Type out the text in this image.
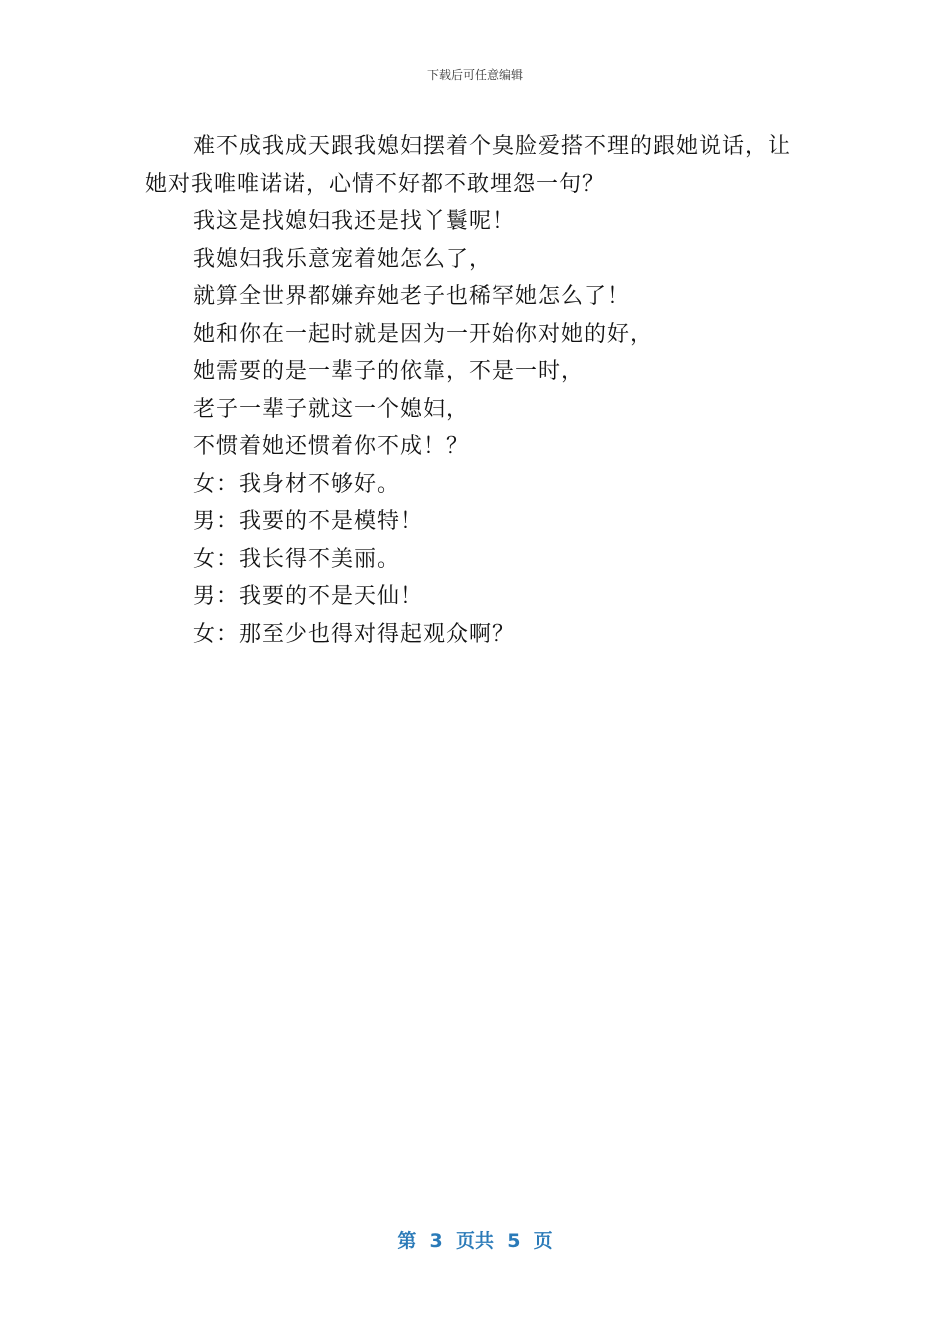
下载后可任意编辑

难不成我成天跟我媳妇摆着个臭脸爱搭不理的跟她说话，让她对我唯唯诺诺，心情不好都不敢埋怨一句？

我这是找媳妇我还是找丫鬟呢！

我媳妇我乐意宠着她怎么了，

就算全世界都嫌弃她老子也稀罕她怎么了！

她和你在一起时就是因为一开始你对她的好，

她需要的是一辈子的依靠，不是一时，

老子一辈子就这一个媳妇，

不惯着她还惯着你不成！？

女：我身材不够好。

男：我要的不是模特！

女：我长得不美丽。

男：我要的不是天仙！

女：那至少也得对得起观众啊？

第  3  页共  5  页
